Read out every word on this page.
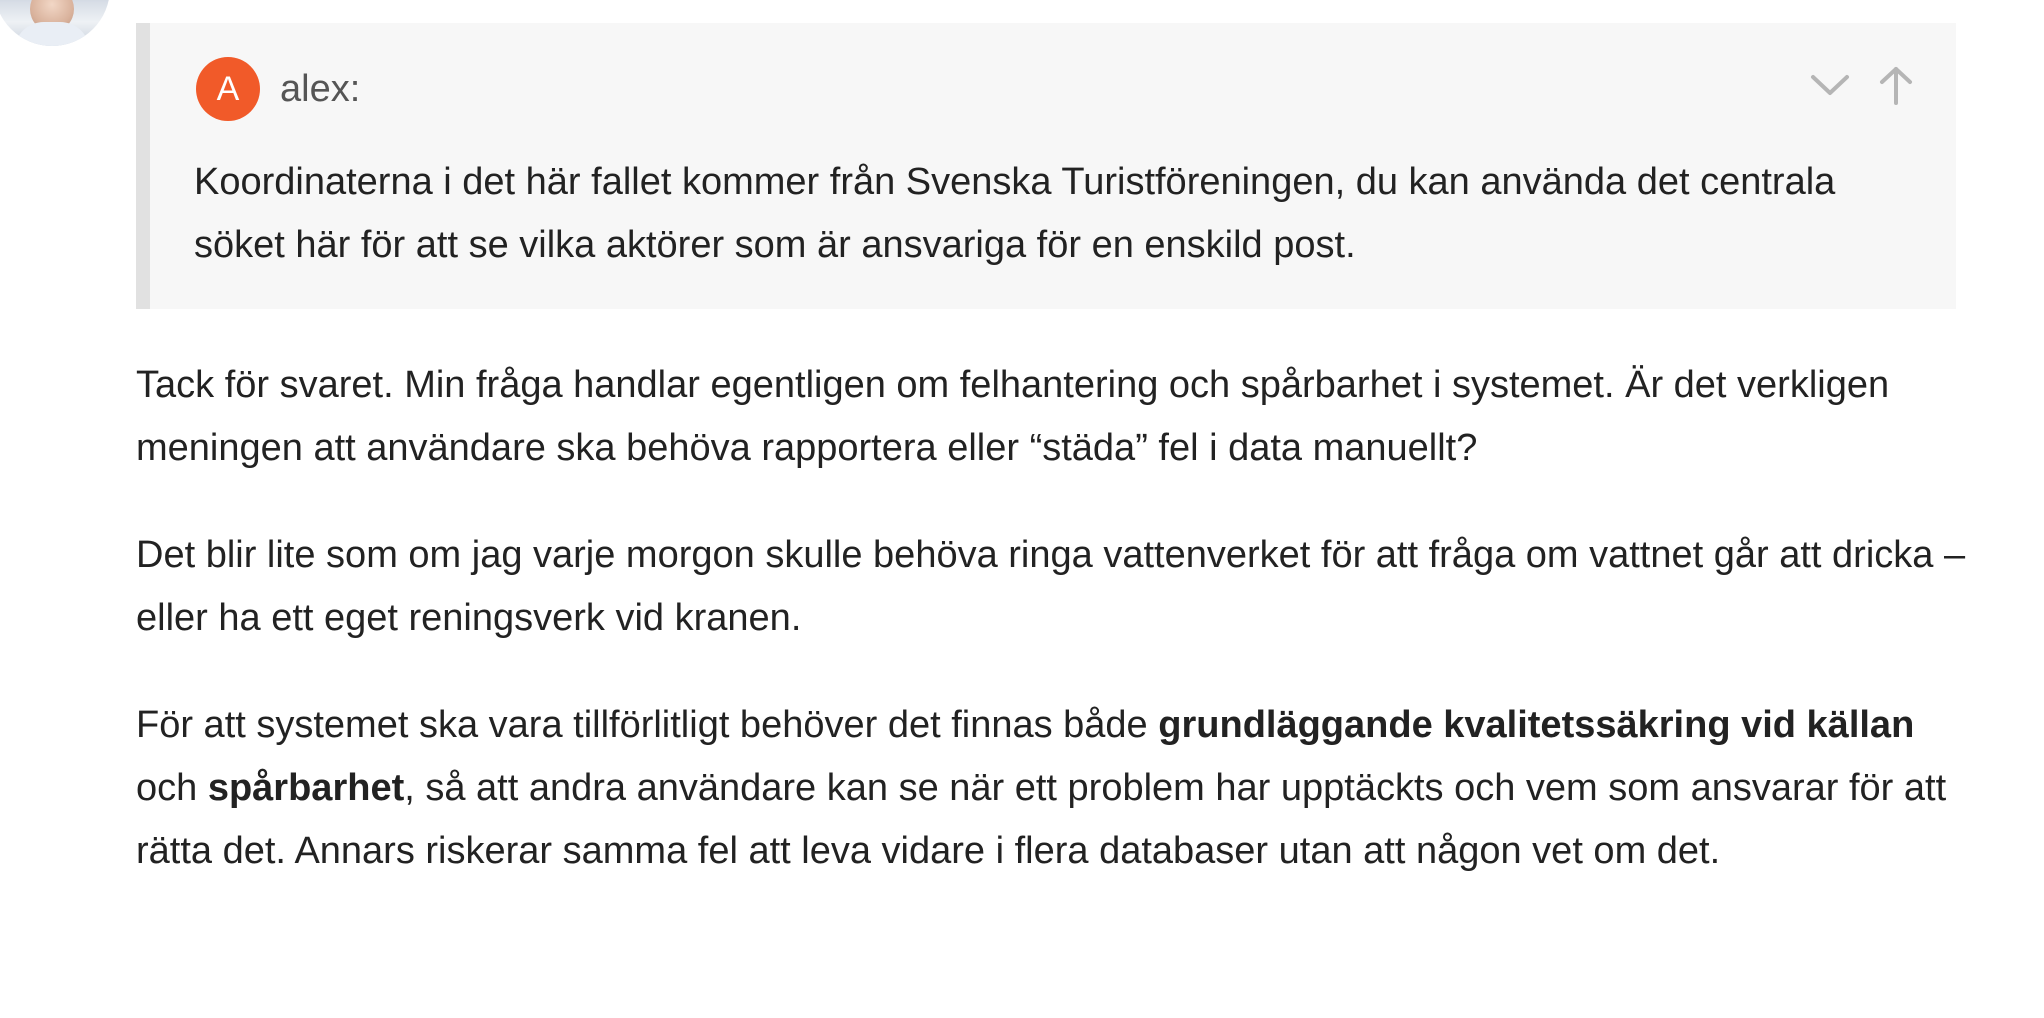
A	alex:
Koordinaterna i det här fallet kommer från Svenska Turistföreningen, du kan använda det centrala söket här för att se vilka aktörer som är ansvariga för en enskild post.

Tack för svaret. Min fråga handlar egentligen om felhantering och spårbarhet i systemet. Är det verkligen meningen att användare ska behöva rapportera eller “städa” fel i data manuellt?

Det blir lite som om jag varje morgon skulle behöva ringa vattenverket för att fråga om vattnet går att dricka – eller ha ett eget reningsverk vid kranen.

För att systemet ska vara tillförlitligt behöver det finnas både grundläggande kvalitetssäkring vid källan och spårbarhet, så att andra användare kan se när ett problem har upptäckts och vem som ansvarar för att rätta det. Annars riskerar samma fel att leva vidare i flera databaser utan att någon vet om det.
